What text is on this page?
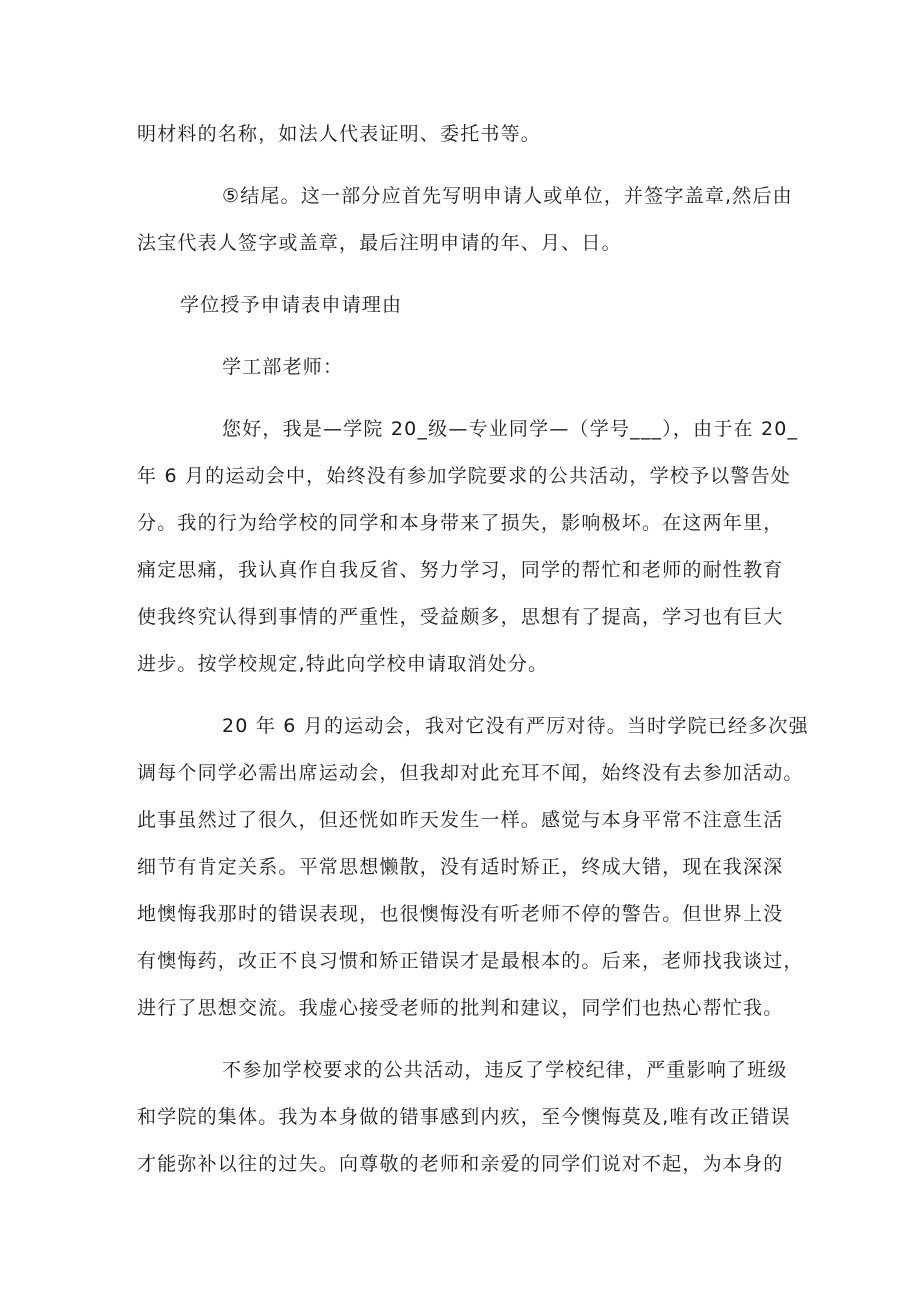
明材料的名称，如法人代表证明、委托书等。
⑤结尾。这一部分应首先写明申请人或单位，并签字盖章,然后由
法宝代表人签字或盖章，最后注明申请的年、月、日。
学位授予申请表申请理由
学工部老师：
您好，我是—学院 20_级—专业同学—（学号___），由于在 20_
年 6 月的运动会中，始终没有参加学院要求的公共活动，学校予以警告处
分。我的行为给学校的同学和本身带来了损失，影响极坏。在这两年里，
痛定思痛，我认真作自我反省、努力学习，同学的帮忙和老师的耐性教育
使我终究认得到事情的严重性，受益颇多，思想有了提高，学习也有巨大
进步。按学校规定,特此向学校申请取消处分。
20 年 6 月的运动会，我对它没有严厉对待。当时学院已经多次强
调每个同学必需出席运动会，但我却对此充耳不闻，始终没有去参加活动。
此事虽然过了很久，但还恍如昨天发生一样。感觉与本身平常不注意生活
细节有肯定关系。平常思想懒散，没有适时矫正，终成大错，现在我深深
地懊悔我那时的错误表现，也很懊悔没有听老师不停的警告。但世界上没
有懊悔药，改正不良习惯和矫正错误才是最根本的。后来，老师找我谈过，
进行了思想交流。我虚心接受老师的批判和建议，同学们也热心帮忙我。
不参加学校要求的公共活动，违反了学校纪律，严重影响了班级
和学院的集体。我为本身做的错事感到内疚，至今懊悔莫及,唯有改正错误
才能弥补以往的过失。向尊敬的老师和亲爱的同学们说对不起，为本身的
